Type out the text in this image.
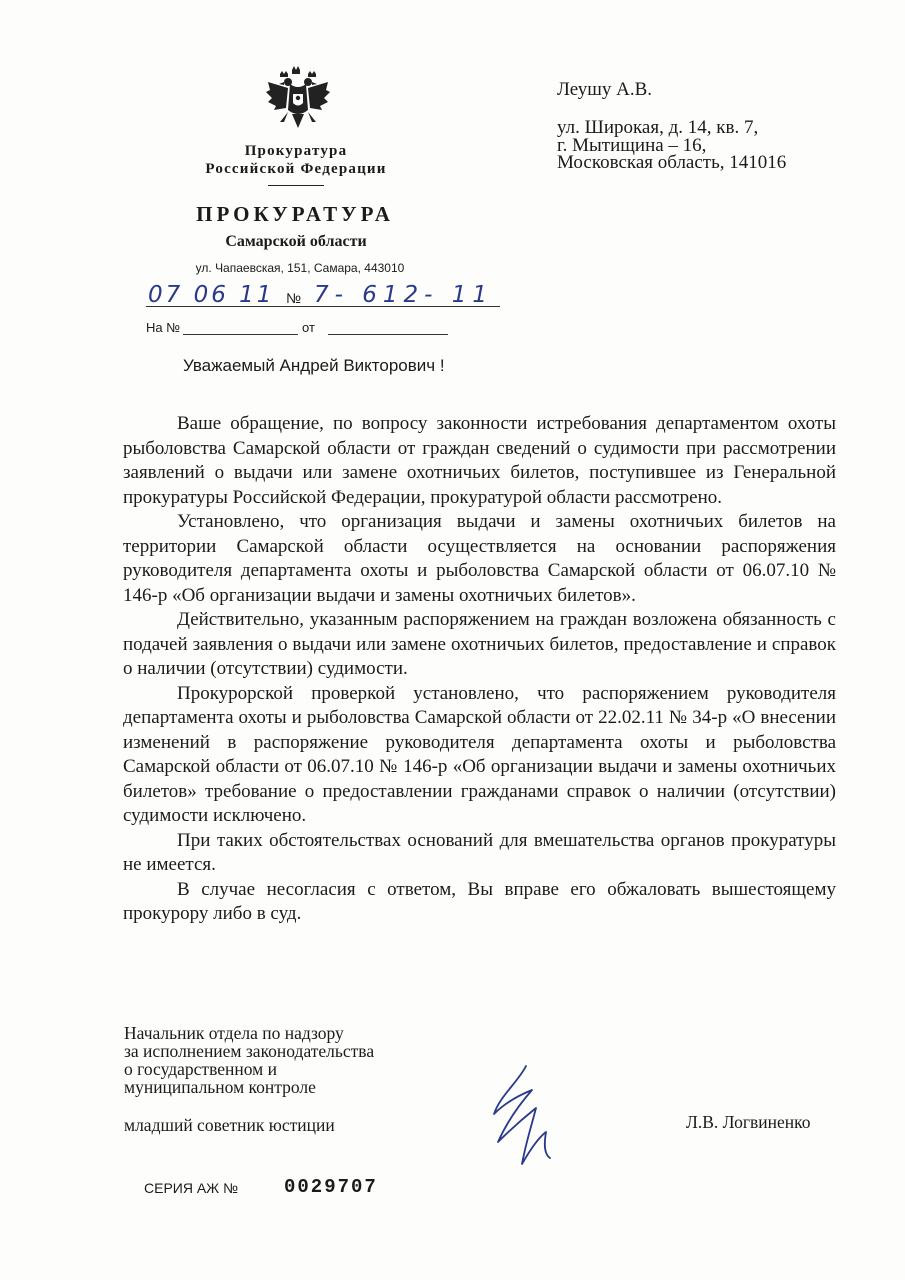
Прокуратура
Российской Федерации
ПРОКУРАТУРА
Самарской области
ул. Чапаевская, 151, Самара, 443010
07 06 11 № 7- 612- 11
На №	от
Леушу А.В.
ул. Широкая, д. 14, кв. 7,
г. Мытищина – 16,
Московская область, 141016
Уважаемый Андрей Викторович !

Ваше обращение, по вопросу законности истребования департаментом охоты рыболовства Самарской области от граждан сведений о судимости при рассмотрении заявлений о выдачи или замене охотничьих билетов, поступившее из Генеральной прокуратуры Российской Федерации, прокуратурой области рассмотрено.

Установлено, что организация выдачи и замены охотничьих билетов на территории Самарской области осуществляется на основании распоряжения руководителя департамента охоты и рыболовства Самарской области от 06.07.10 № 146-р «Об организации выдачи и замены охотничьих билетов».

Действительно, указанным распоряжением на граждан возложена обязанность с подачей заявления о выдачи или замене охотничьих билетов, предоставление и справок о наличии (отсутствии) судимости.

Прокурорской проверкой установлено, что распоряжением руководителя департамента охоты и рыболовства Самарской области от 22.02.11 № 34-р «О внесении изменений в распоряжение руководителя департамента охоты и рыболовства Самарской области от 06.07.10 № 146-р «Об организации выдачи и замены охотничьих билетов» требование о предоставлении гражданами справок о наличии (отсутствии) судимости исключено.

При таких обстоятельствах оснований для вмешательства органов прокуратуры не имеется.

В случае несогласия с ответом, Вы вправе его обжаловать вышестоящему прокурору либо в суд.

Начальник отдела по надзору
за исполнением законодательства
о государственном и
муниципальном контроле
младший советник юстиции	Л.В. Логвиненко
СЕРИЯ АЖ № 0029707
